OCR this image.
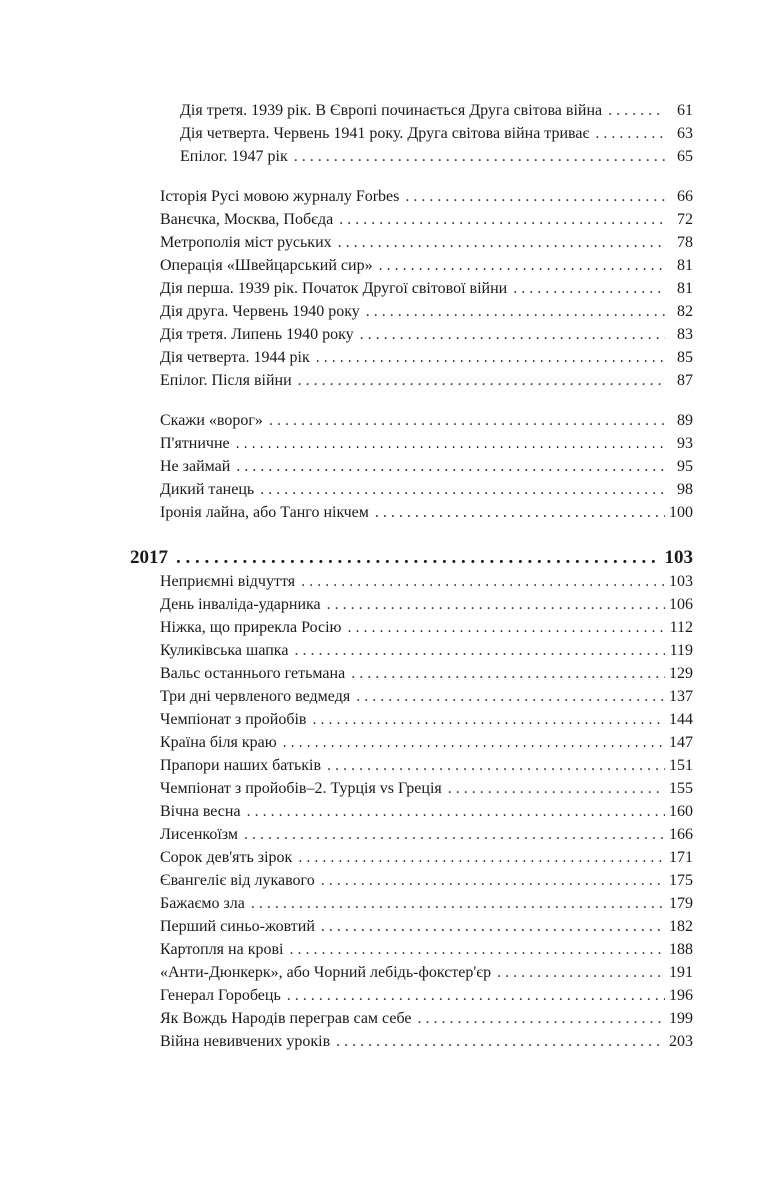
Дія третя. 1939 рік. В Європі починається Друга світова війна . . .	61
Дія четверта. Червень 1941 року. Друга світова війна триває . . .	63
Епілог. 1947 рік . . .	65
Історія Русі мовою журналу Forbes . . .	66
Ванєчка, Москва, Побєда . . .	72
Метрополія міст руських . . .	78
Операція «Швейцарський сир» . . .	81
Дія перша. 1939 рік. Початок Другої світової війни . . .	81
Дія друга. Червень 1940 року . . .	82
Дія третя. Липень 1940 року . . .	83
Дія четверта. 1944 рік . . .	85
Епілог. Після війни . . .	87
Скажи «ворог» . . .	89
П'ятничне . . .	93
Не займай . . .	95
Дикий танець . . .	98
Іронія лайна, або Танго нікчем . . .	100
2017 . . .	103
Неприємні відчуття . . .	103
День інваліда-ударника . . .	106
Ніжка, що прирекла Росію . . .	112
Куликівська шапка . . .	119
Вальс останнього гетьмана . . .	129
Три дні червленого ведмедя . . .	137
Чемпіонат з пройобів . . .	144
Країна біля краю . . .	147
Прапори наших батьків . . .	151
Чемпіонат з пройобів–2. Турція vs Греція . . .	155
Вічна весна . . .	160
Лисенкоїзм . . .	166
Сорок дев'ять зірок . . .	171
Євангеліє від лукавого . . .	175
Бажаємо зла . . .	179
Перший синьо-жовтий . . .	182
Картопля на крові . . .	188
«Анти-Дюнкерк», або Чорний лебідь-фокстер'єр . . .	191
Генерал Горобець . . .	196
Як Вождь Народів переграв сам себе . . .	199
Війна невивчених уроків . . .	203
